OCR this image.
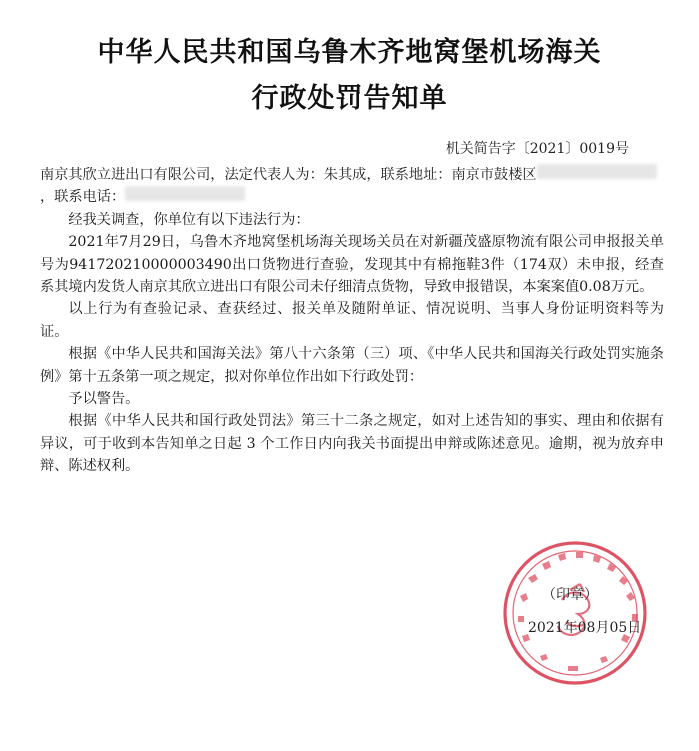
中华人民共和国乌鲁木齐地窝堡机场海关
行政处罚告知单
机关简告字〔2021〕0019号

南京其欣立进出口有限公司，法定代表人为：朱其成，联系地址：南京市鼓楼区
，联系电话：

经我关调查，你单位有以下违法行为：

2021年7月29日，乌鲁木齐地窝堡机场海关现场关员在对新疆茂盛原物流有限公司申报报关单号为941720210000003490出口货物进行查验，发现其中有棉拖鞋3件（174双）未申报，经查系其境内发货人南京其欣立进出口有限公司未仔细清点货物，导致申报错误，本案案值0.08万元。

以上行为有查验记录、查获经过、报关单及随附单证、情况说明、当事人身份证明资料等为证。

根据《中华人民共和国海关法》第八十六条第（三）项、《中华人民共和国海关行政处罚实施条例》第十五条第一项之规定，拟对你单位作出如下行政处罚：

予以警告。

根据《中华人民共和国行政处罚法》第三十二条之规定，如对上述告知的事实、理由和依据有异议，可于收到本告知单之日起 3 个工作日内向我关书面提出申辩或陈述意见。逾期，视为放弃申辩、陈述权利。

（印章）
2021年08月05日
